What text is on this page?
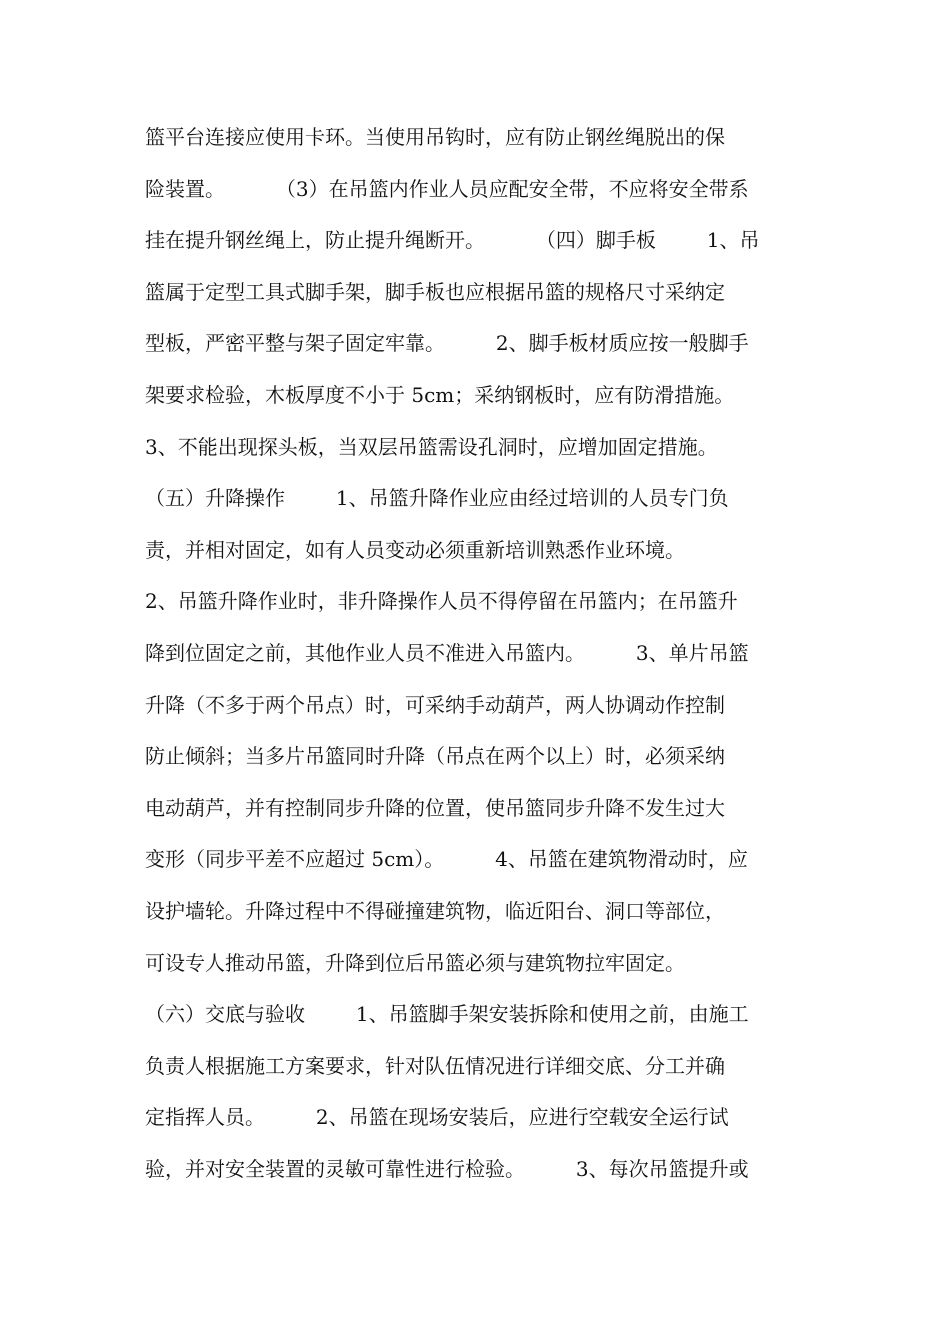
篮平台连接应使用卡环。当使用吊钩时，应有防止钢丝绳脱出的保
险装置。        （3）在吊篮内作业人员应配安全带，不应将安全带系
挂在提升钢丝绳上，防止提升绳断开。        （四）脚手板        1、吊
篮属于定型工具式脚手架，脚手板也应根据吊篮的规格尺寸采纳定
型板，严密平整与架子固定牢靠。        2、脚手板材质应按一般脚手
架要求检验，木板厚度不小于 5cm；采纳钢板时，应有防滑措施。
3、不能出现探头板，当双层吊篮需设孔洞时，应增加固定措施。
（五）升降操作        1、吊篮升降作业应由经过培训的人员专门负
责，并相对固定，如有人员变动必须重新培训熟悉作业环境。
2、吊篮升降作业时，非升降操作人员不得停留在吊篮内；在吊篮升
降到位固定之前，其他作业人员不准进入吊篮内。        3、单片吊篮
升降（不多于两个吊点）时，可采纳手动葫芦，两人协调动作控制
防止倾斜；当多片吊篮同时升降（吊点在两个以上）时，必须采纳
电动葫芦，并有控制同步升降的位置，使吊篮同步升降不发生过大
变形（同步平差不应超过 5cm）。        4、吊篮在建筑物滑动时，应
设护墙轮。升降过程中不得碰撞建筑物，临近阳台、洞口等部位，
可设专人推动吊篮，升降到位后吊篮必须与建筑物拉牢固定。
（六）交底与验收        1、吊篮脚手架安装拆除和使用之前，由施工
负责人根据施工方案要求，针对队伍情况进行详细交底、分工并确
定指挥人员。        2、吊篮在现场安装后，应进行空载安全运行试
验，并对安全装置的灵敏可靠性进行检验。        3、每次吊篮提升或
